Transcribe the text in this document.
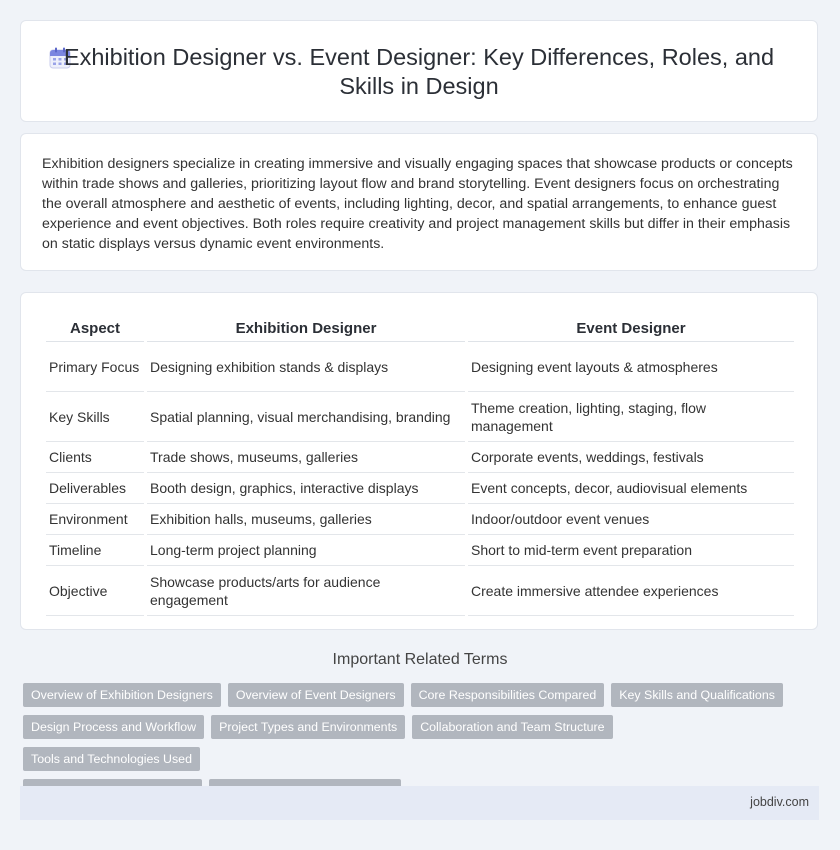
Exhibition Designer vs. Event Designer: Key Differences, Roles, and
Skills in Design

Exhibition designers specialize in creating immersive and visually engaging spaces that showcase products or concepts within trade shows and galleries, prioritizing layout flow and brand storytelling. Event designers focus on orchestrating the overall atmosphere and aesthetic of events, including lighting, decor, and spatial arrangements, to enhance guest experience and event objectives. Both roles require creativity and project management skills but differ in their emphasis on static displays versus dynamic event environments.

Aspect	Exhibition Designer	Event Designer
Primary Focus	Designing exhibition stands & displays	Designing event layouts & atmospheres
Key Skills	Spatial planning, visual merchandising, branding	Theme creation, lighting, staging, flow management
Clients	Trade shows, museums, galleries	Corporate events, weddings, festivals
Deliverables	Booth design, graphics, interactive displays	Event concepts, decor, audiovisual elements
Environment	Exhibition halls, museums, galleries	Indoor/outdoor event venues
Timeline	Long-term project planning	Short to mid-term event preparation
Objective	Showcase products/arts for audience engagement	Create immersive attendee experiences
Important Related Terms
Overview of Exhibition Designers Overview of Event Designers Core Responsibilities Compared Key Skills and Qualifications
Design Process and Workflow Project Types and Environments Collaboration and Team StructureTools and Technologies Used

jobdiv.com
